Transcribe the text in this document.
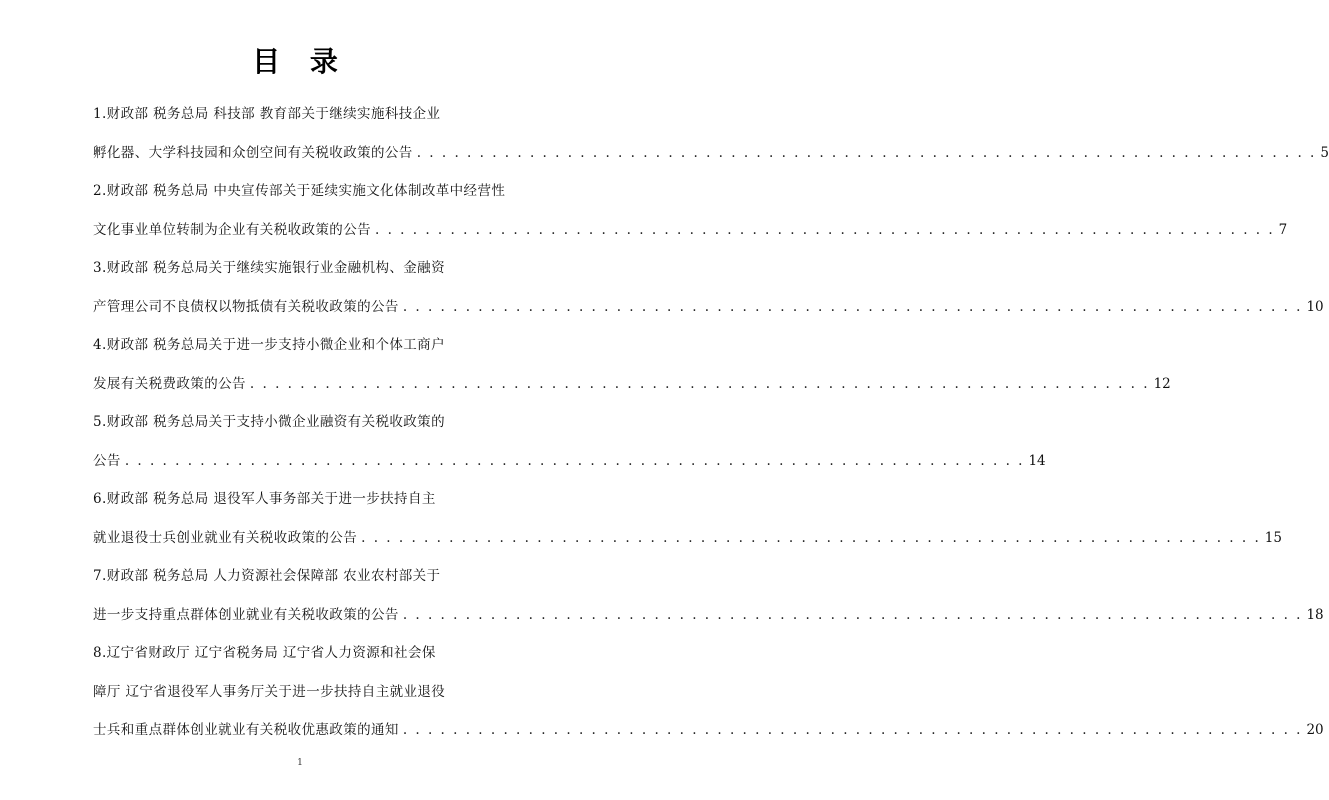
目 录
1.财政部 税务总局 科技部 教育部关于继续实施科技企业
孵化器、大学科技园和众创空间有关税收政策的公告 . . . . . . . . . . . . . . . . . . . . . . . . . . . . . . . . . . . . . . . . . . . . . . . . . . . . . . . . . . . . . . . . . . . . . . . . 5
2.财政部 税务总局 中央宣传部关于延续实施文化体制改革中经营性
文化事业单位转制为企业有关税收政策的公告 . . . . . . . . . . . . . . . . . . . . . . . . . . . . . . . . . . . . . . . . . . . . . . . . . . . . . . . . . . . . . . . . . . . . . . . . 7
3.财政部 税务总局关于继续实施银行业金融机构、金融资
产管理公司不良债权以物抵债有关税收政策的公告 . . . . . . . . . . . . . . . . . . . . . . . . . . . . . . . . . . . . . . . . . . . . . . . . . . . . . . . . . . . . . . . . . . . . . . . . 10
4.财政部 税务总局关于进一步支持小微企业和个体工商户
发展有关税费政策的公告 . . . . . . . . . . . . . . . . . . . . . . . . . . . . . . . . . . . . . . . . . . . . . . . . . . . . . . . . . . . . . . . . . . . . . . . . 12
5.财政部 税务总局关于支持小微企业融资有关税收政策的
公告 . . . . . . . . . . . . . . . . . . . . . . . . . . . . . . . . . . . . . . . . . . . . . . . . . . . . . . . . . . . . . . . . . . . . . . . . 14
6.财政部 税务总局 退役军人事务部关于进一步扶持自主
就业退役士兵创业就业有关税收政策的公告 . . . . . . . . . . . . . . . . . . . . . . . . . . . . . . . . . . . . . . . . . . . . . . . . . . . . . . . . . . . . . . . . . . . . . . . . 15
7.财政部 税务总局 人力资源社会保障部 农业农村部关于
进一步支持重点群体创业就业有关税收政策的公告 . . . . . . . . . . . . . . . . . . . . . . . . . . . . . . . . . . . . . . . . . . . . . . . . . . . . . . . . . . . . . . . . . . . . . . . . 18
8.辽宁省财政厅 辽宁省税务局 辽宁省人力资源和社会保
障厅 辽宁省退役军人事务厅关于进一步扶持自主就业退役
士兵和重点群体创业就业有关税收优惠政策的通知 . . . . . . . . . . . . . . . . . . . . . . . . . . . . . . . . . . . . . . . . . . . . . . . . . . . . . . . . . . . . . . . . . . . . . . . . 20
1
